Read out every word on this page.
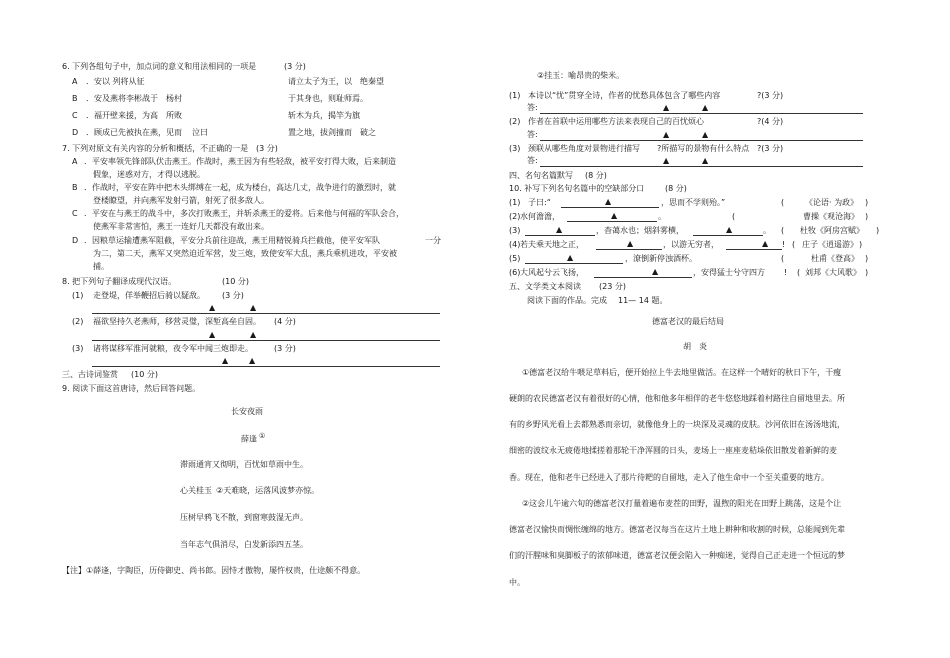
6. 下列各组句子中，加点词的意义和用法相同的一项是	(3 分)
A ．安以 列将从征	请立太子为王，以 绝秦望
B ．安及燕将李彬战于 杨村	于其身也，则耻师焉。
C ．福开壁来援，为高 所败	斩木为兵，揭竿为旗
D ．顾成已先被执在燕，见而 泣曰	置之地，拔剑撞而 破之
7. 下列对原文有关内容的分析和概括，不正确的一是 (3 分)
A ．平安率领先锋部队伏击燕王。作战时，燕王因为有些轻敌，被平安打得大败，后来制造
假象，迷惑对方，才得以逃脱。
B ．作战时，平安在阵中把木头绑缚在一起，成为楼台，高达几丈，战争进行的激烈时，就
登楼瞭望，并向燕军发射弓箭，射死了很多敌人。
C ．平安在与燕王的战斗中，多次打败燕王，并斩杀燕王的爱将。后来他与何福的军队会合，
使燕军非常害怕，燕王一连好几天都没有敢出来。
D ．因粮草运输遭燕军阻截，平安分兵前往迎战，燕王用精锐骑兵拦截他，使平安军队	一分
为二，第二天，燕军又突然迫近军营，发三炮，致使安军大乱，燕兵乘机进攻，平安被
捕。
8. 把下列句子翻译成现代汉语。	(10 分)
(1) 走登堤，佯举鞭招后骑以疑敌。 (3 分)
▲	▲
(2) 福欲坚持久老燕师，移营灵璧，深堑高垒自固。 (4 分)
▲	▲
(3) 诸将谋移军淮河就粮，夜令军中闻三炮即走。	(3 分)
▲	▲
三、古诗词鉴赏 (10 分)
9. 阅读下面这首唐诗，然后回答问题。
长安夜雨
薛逢 ①
滞雨通宵又彻明，百忧如草雨中生。
心关桂玉 ②天难晓，运落风波梦亦惊。
压树早鸦飞不散，到窗寒鼓湿无声。
当年志气俱消尽，白发新添四五茎。
【注】①薛逢，字陶臣，历侍御史、尚书郎。因恃才傲物，屡忤权贵，仕途颇不得意。
②挂玉：喻昂贵的柴米。
(1) 本诗以“忧”贯穿全诗，作者的忧愁具体包含了哪些内容	?(3 分)
答:	▲	▲
(2) 作者在首联中运用哪些方法来表现自己的百忧烦心	?(4 分)
答:	▲	▲
(3) 颈联从哪些角度对景物进行描写 ?所描写的景物有什么特点 ?(3 分)
答:	▲	▲
四、名句名篇默写 (8 分)
10. 补写下列名句名篇中的空缺部分口	(8 分)
(1) 子曰:“	▲	，思而不学则殆。”	(	《论语· 为政》 )
(2) 水何澹澹，	▲	。	(	曹操《观沧海》 )
(3)	▲	，杳蔼水也；烟斜雾横，	▲	。 ( 杜牧《阿房宫赋》 )
(4) 若夫乘天地之正，	▲	，以游无穷者，	▲ ! ( 庄子《逍遥游》 )
(5)	▲	，潦倒新停浊酒杯。	(	杜甫《登高》 )
(6) 大风起兮云飞扬，	▲	，安得猛士兮守四方 ! ( 刘邦《大风歌》 )
五、文学类文本阅读 (23 分)
阅读下面的作品。完成 11— 14 题。
德富老汉的最后结局
胡　炎
①德富老汉给牛喂足草料后，便开始拉上牛去地里做活。在这样一个晴好的秋日下午，干瘦
硬朗的农民德富老汉有着很好的心情，他和他多年相伴的老牛悠悠地踩着村路往自留地里去。所
有的乡野风光看上去都熟悉而亲切，就像他身上的一块深及灵魂的皮肤。沙河依旧在汤汤地流，
细密的波纹永无疲倦地揉搓着那轮干净浑圆的日头，麦场上一座座麦秸垛依旧散发着新鲜的麦
香。现在，他和老牛已经进入了那片待耙的自留地，走入了他生命中一个至关重要的地方。
②这会儿午逾六旬的德富老汉打量着遍布麦茬的田野，温煦的阳光在田野上跳荡，这是个让
德富老汉愉快而惆怅缠绵的地方。德富老汉每当在这片土地上耕种和收割的时候，总能闻到先辈
们的汗腥味和臭脚板子的浓郁味道，德富老汉便会陷入一种痴迷，觉得自己正走进一个恒远的梦
中。
